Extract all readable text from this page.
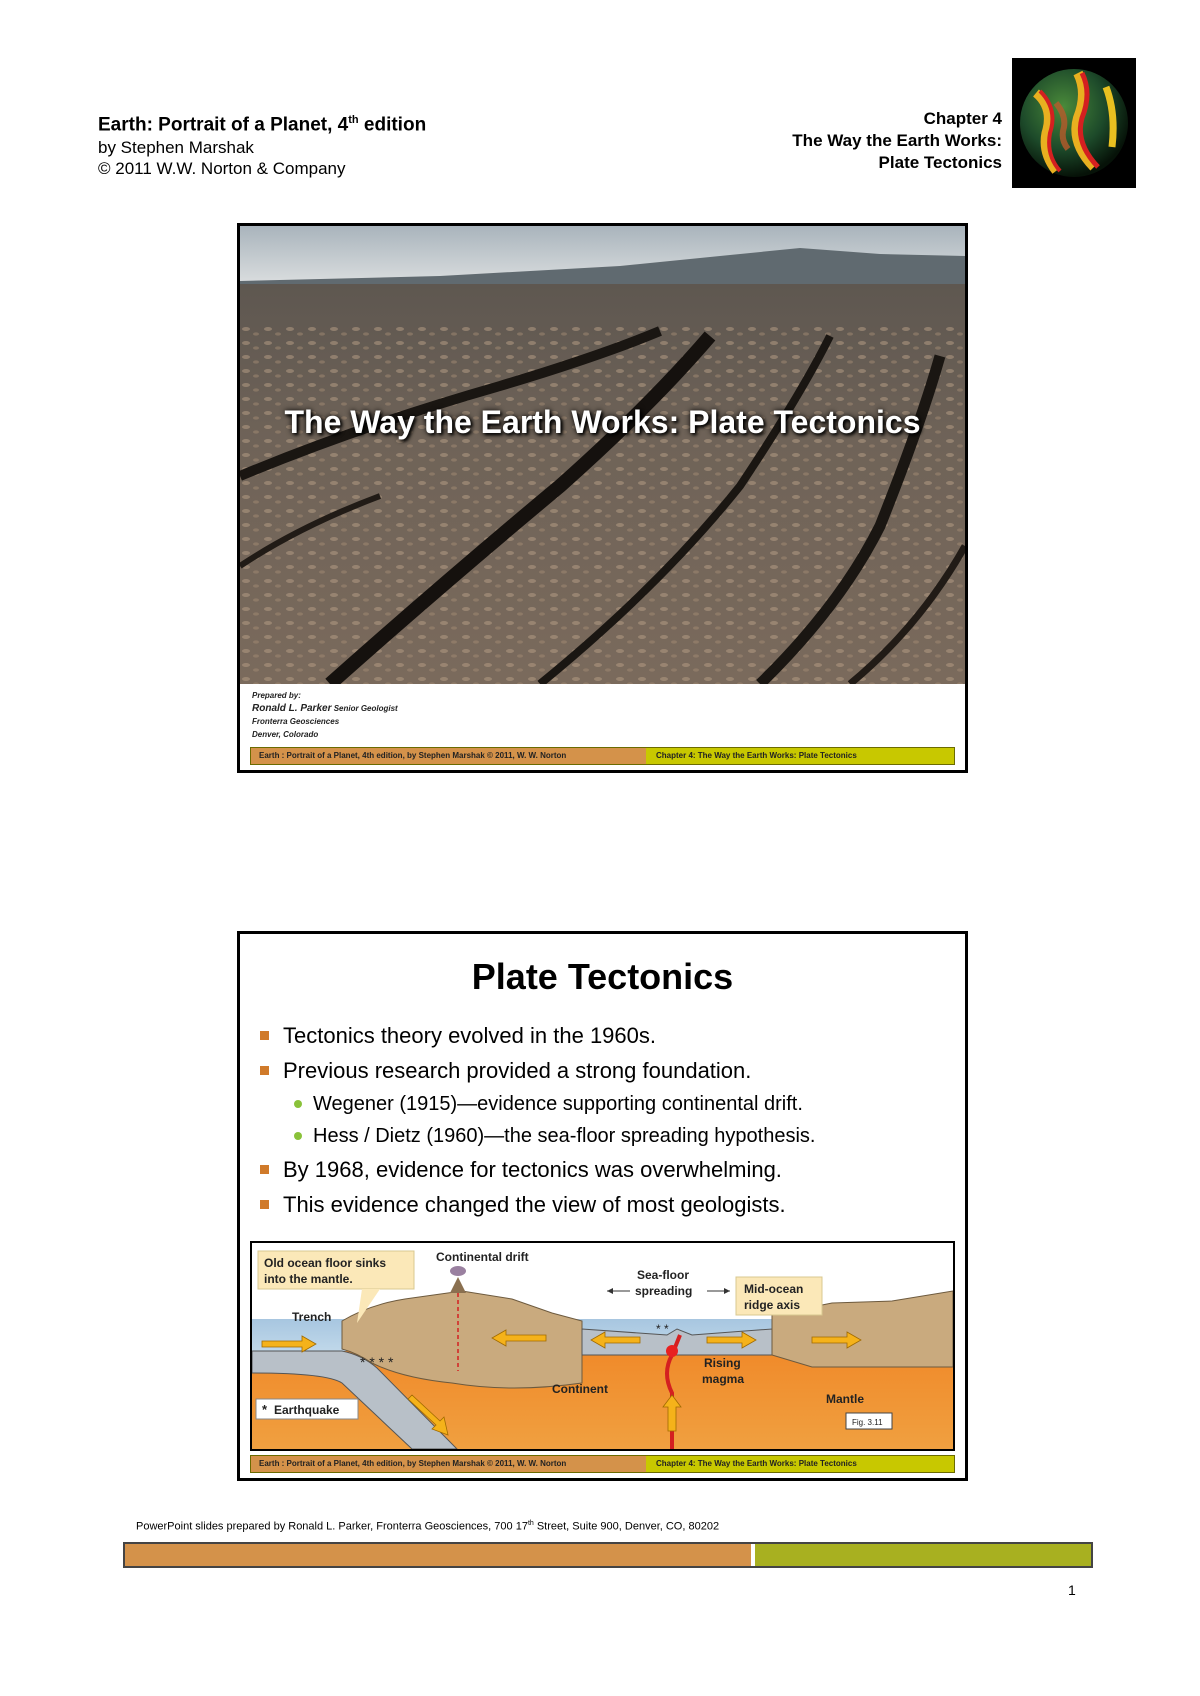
Earth: Portrait of a Planet, 4th edition
by Stephen Marshak
© 2011 W.W. Norton & Company
Chapter 4
The Way the Earth Works:
Plate Tectonics
The Way the Earth Works: Plate Tectonics
Prepared by:
Ronald L. Parker Senior Geologist
Fronterra Geosciences
Denver, Colorado
Earth : Portrait of a Planet, 4th edition, by Stephen Marshak © 2011, W. W. Norton	Chapter 4: The Way the Earth Works: Plate Tectonics
Plate Tectonics
Tectonics theory evolved in the 1960s.
Previous research provided a strong foundation.
Wegener (1915)—evidence supporting continental drift.
Hess / Dietz (1960)—the sea-floor spreading hypothesis.
By 1968, evidence for tectonics was overwhelming.
This evidence changed the view of most geologists.
* * * *
* *
Old ocean floor sinks
into the mantle.
Continental drift
Sea-floor
spreading	Mid-ocean
ridge axis
Trench
Rising
magma
Continent
Mantle
* Earthquake
Fig. 3.11
Earth : Portrait of a Planet, 4th edition, by Stephen Marshak © 2011, W. W. Norton	Chapter 4: The Way the Earth Works: Plate Tectonics
PowerPoint slides prepared by Ronald L. Parker, Fronterra Geosciences, 700 17th Street, Suite 900, Denver, CO, 80202
1
